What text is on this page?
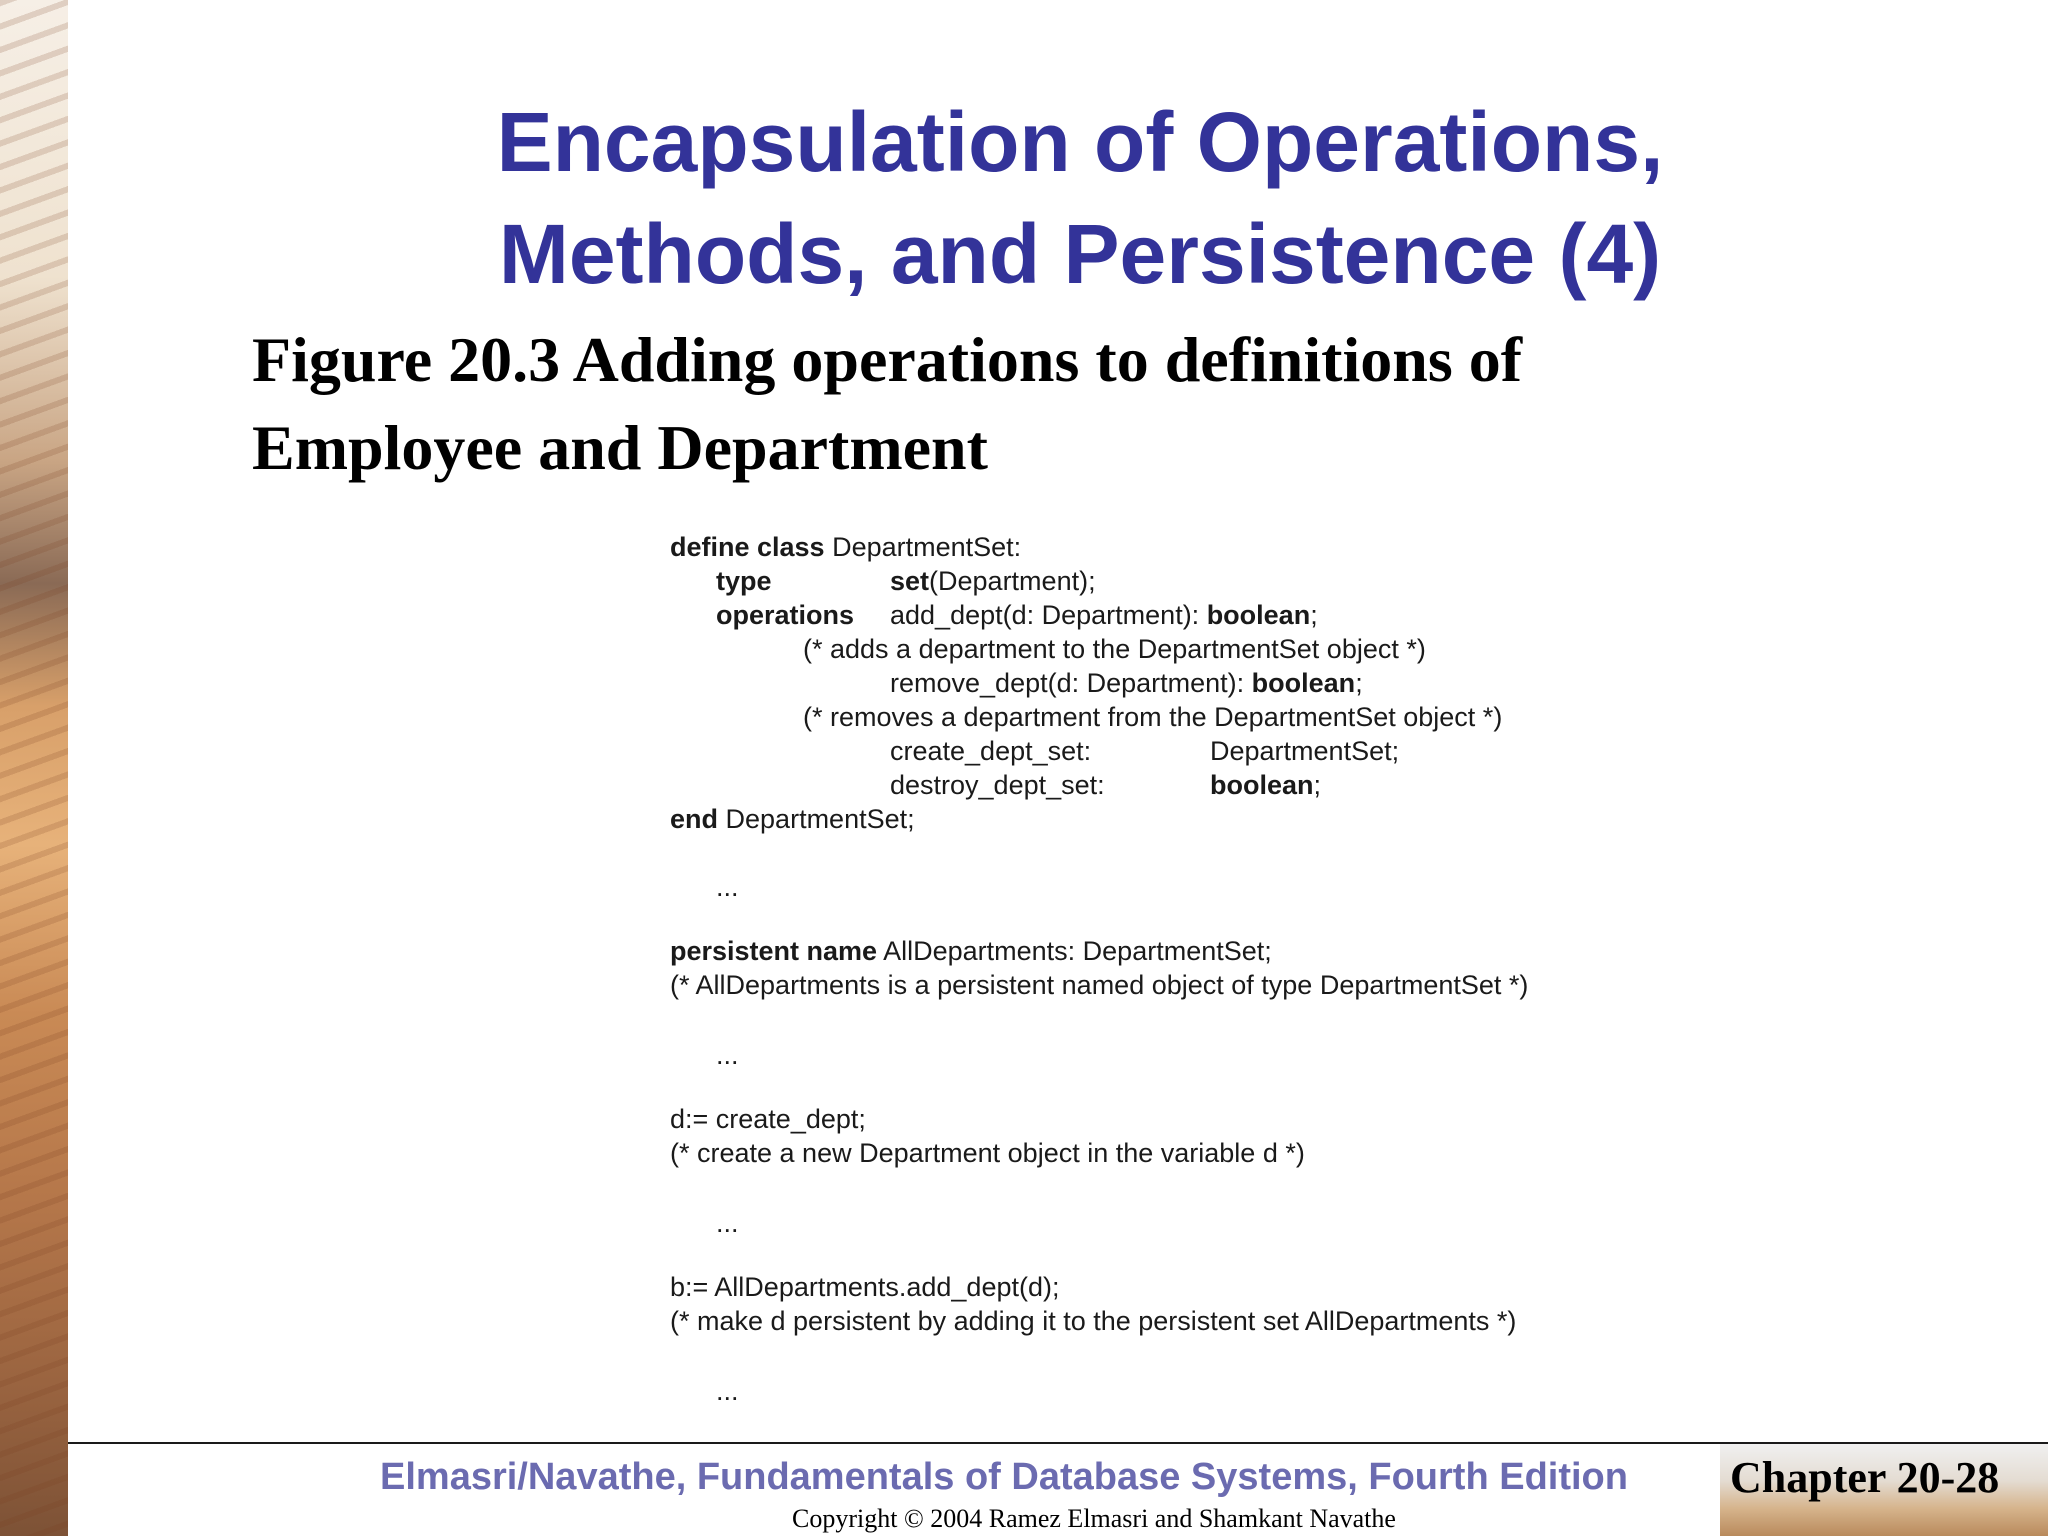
Encapsulation of Operations,
Methods, and Persistence (4)
Figure 20.3 Adding operations to definitions of
Employee and Department
define class DepartmentSet:
type	set(Department);
operations add_dept(d: Department): boolean;
(* adds a department to the DepartmentSet object *)
remove_dept(d: Department): boolean;
(* removes a department from the DepartmentSet object *)
create_dept_set:	DepartmentSet;
destroy_dept_set:	boolean;
end DepartmentSet;
...
persistent name AllDepartments: DepartmentSet;
(* AllDepartments is a persistent named object of type DepartmentSet *)
...
d:= create_dept;
(* create a new Department object in the variable d *)
...
b:= AllDepartments.add_dept(d);
(* make d persistent by adding it to the persistent set AllDepartments *)
...

Elmasri/Navathe, Fundamentals of Database Systems, Fourth Edition Chapter 20-28

Copyright © 2004 Ramez Elmasri and Shamkant Navathe
